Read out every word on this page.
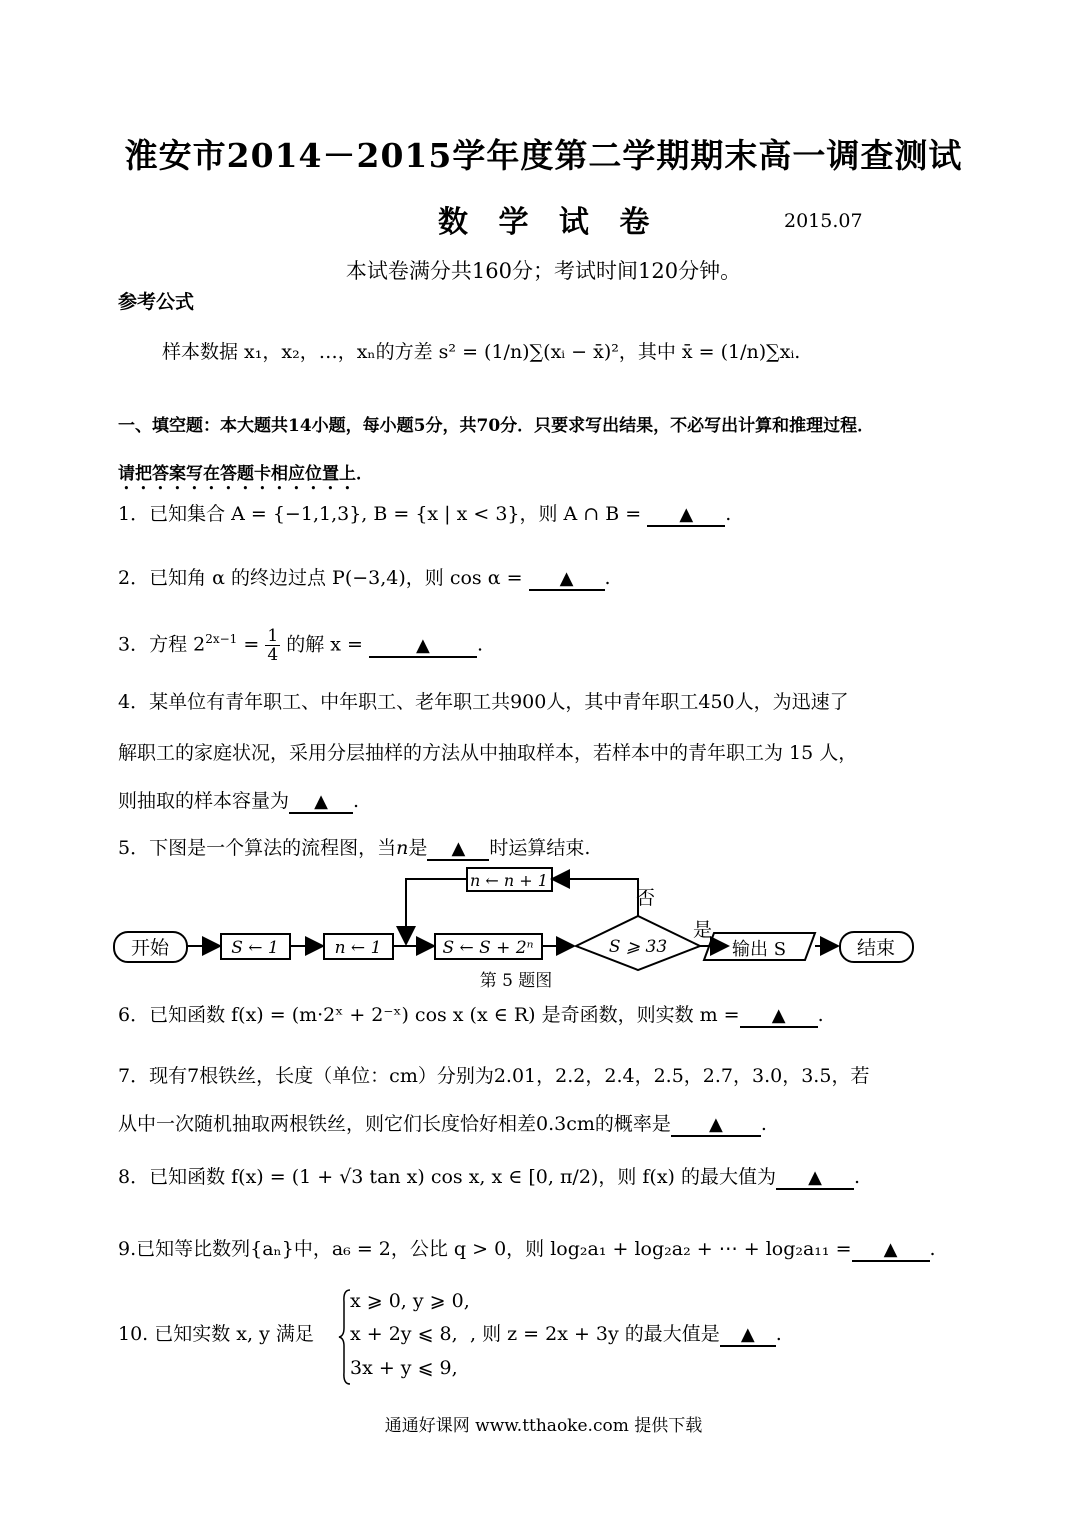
淮安市2014－2015学年度第二学期期末高一调查测试
数 学 试 卷	2015.07
本试卷满分共160分；考试时间120分钟。
参考公式
样本数据 x₁，x₂，…，xₙ的方差 s² = (1/n)∑(xᵢ − x̄)²，其中 x̄ = (1/n)∑xᵢ.
一、填空题：本大题共14小题，每小题5分，共70分．只要求写出结果，不必写出计算和推理过程．
请把答案写在答题卡相应位置上．
1．已知集合 A = {−1,1,3}, B = {x | x < 3}，则 A ∩ B = ▲ .
2．已知角 α 的终边过点 P(−3,4)，则 cos α = ▲ .
3．方程 $2^{2x-1} = \frac{1}{4}$ 的解 x =	▲ .
4．某单位有青年职工、中年职工、老年职工共900人，其中青年职工450人，为迅速了
解职工的家庭状况，采用分层抽样的方法从中抽取样本，若样本中的青年职工为 15 人，
则抽取的样本容量为 ▲ .
5．下图是一个算法的流程图，当n是 ▲ 时运算结束.
开始	S ← 1	n ← 1	S ← S + 2ⁿ	S ⩾ 33
是
输出 S	结束
否
n ← n + 1
第 5 题图
6．已知函数 f(x) = (m·2ˣ + 2⁻ˣ) cos x (x ∈ R) 是奇函数，则实数 m = ▲ .
7．现有7根铁丝，长度（单位：cm）分别为2.01，2.2，2.4，2.5，2.7，3.0，3.5，若
从中一次随机抽取两根铁丝，则它们长度恰好相差0.3cm的概率是 ▲ .
8．已知函数 f(x) = (1 + √3 tan x) cos x, x ∈ [0, π/2)，则 f(x) 的最大值为 ▲ .
9.已知等比数列{aₙ}中，a₆ = 2，公比 q > 0，则 log₂a₁ + log₂a₂ + ⋯ + log₂a₁₁ = ▲ .
10. 已知实数 x, y 满足
x ⩾ 0, y ⩾ 0,
x + 2y ⩽ 8,
3x + y ⩽ 9,
, 则 z = 2x + 3y 的最大值是 ▲ .
通通好课网 www.tthaoke.com 提供下载
